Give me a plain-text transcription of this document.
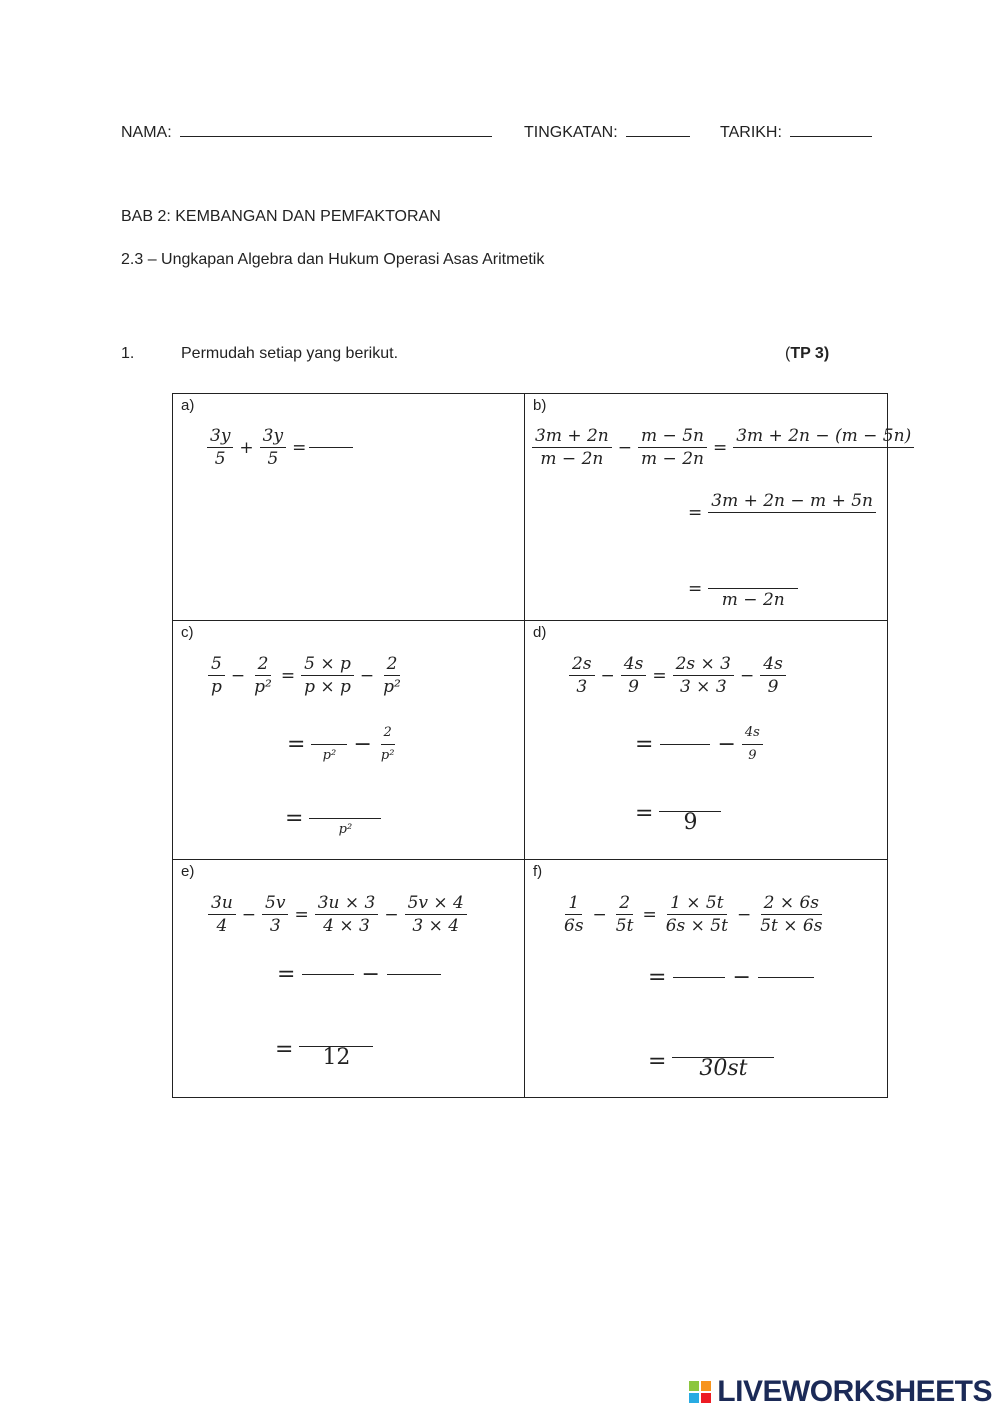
NAMA:	TINGKATAN:	TARIKH:
BAB 2: KEMBANGAN DAN PEMFAKTORAN
2.3 – Ungkapan Algebra dan Hukum Operasi Asas Aritmetik
1.	Permudah setiap yang berikut.	(TP 3)
a)
$\frac{3y}{5} + \frac{3y}{5}$ =
b)
$\frac{3m + 2n}{m - 2n} - \frac{m - 5n}{m - 2n}$ =
3m + 2n − (m − 5n)

=
3m + 2n − m + 5n

=

m − 2n
c)
$\frac{5}{p} - \frac{2}{\text{p²}} = \frac{5 \times p}{p \times p} - \frac{2}{\text{p²}}$
=
$p^2 - \frac{2}{\text{p²}}$
=
	p²
d)
$\frac{2s}{3} - \frac{4s}{9} = \frac{2s \times 3}{3 \times 3} - \frac{4s}{9}$
=	− $\frac{4s}{9}$
=
9
e)
$\frac{3u}{4} - \frac{5v}{3} = \frac{3u \times 3}{4 \times 3} - \frac{5v \times 4}{3 \times 4}$
=	−
=
12
f)
$\frac{1}{6s} - \frac{2}{5t} = \frac{1 \times 5t}{6s \times 5t} - \frac{2 \times 6s}{5t \times 6s}$
=	−
=
30st
LIVEWORKSHEETS
